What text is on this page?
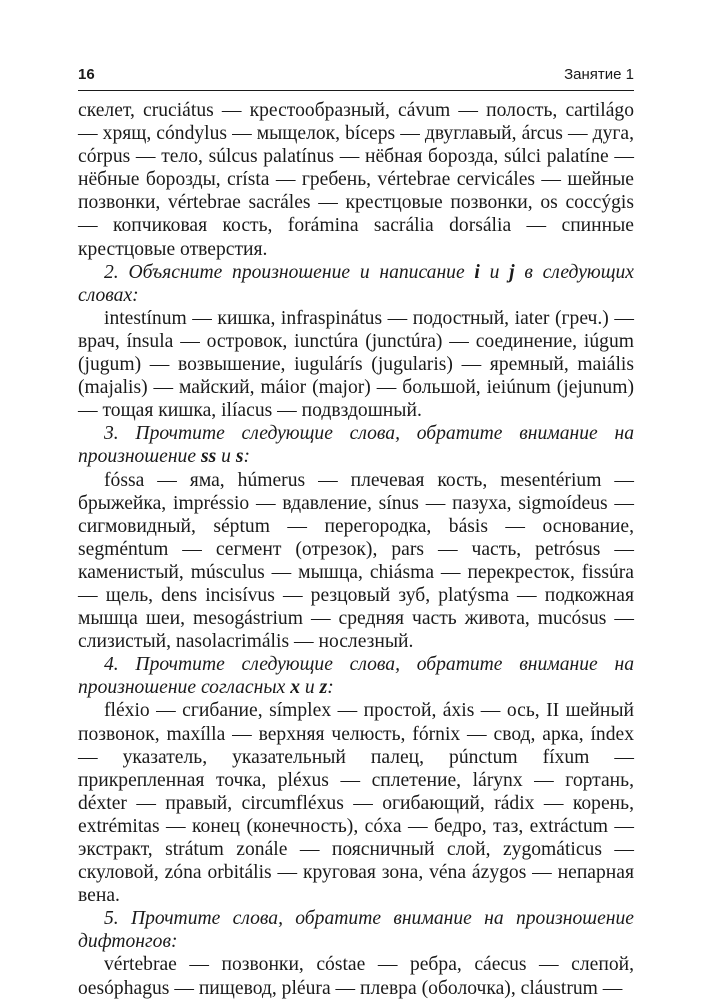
16	Занятие 1

скелет, cruciátus — крестообразный, cávum — полость, cartilágo — хрящ, cóndylus — мыщелок, bíceps — двуглавый, árcus — дуга, córpus — тело, súlcus palatínus — нёбная борозда, súlci palatíne — нёбные борозды, crísta — гребень, vértebrae cervicáles — шейные позвонки, vértebrae sacráles — крестцовые позвонки, os coccýgis — копчиковая кость, forámina sacrália dorsália — спинные крестцовые отверстия.

2. Объясните произношение и написание i и j в следующих словах:

intestínum — кишка, infraspinátus — подостный, iater (греч.) — врач, ínsula — островок, iunctúra (junctúra) — соединение, iúgum (jugum) — возвышение, iugulárís (jugularis) — яремный, maiális (majalis) — майский, máior (major) — большой, ieiúnum (jejunum) — тощая кишка, ilíacus — подвздошный.

3. Прочтите следующие слова, обратите внимание на произношение ss и s:

fóssa — яма, húmerus — плечевая кость, mesentérium — брыжейка, impréssio — вдавление, sínus — пазуха, sigmoídeus — сигмовидный, séptum — перегородка, básis — основание, segméntum — сегмент (отрезок), pars — часть, petrósus — каменистый, músculus — мышца, chiásma — перекресток, fissúra — щель, dens incisívus — резцовый зуб, platýsma — подкожная мышца шеи, mesogástrium — средняя часть живота, mucósus — слизистый, nasolacrimális — нослезный.

4. Прочтите следующие слова, обратите внимание на произношение согласных x и z:

fléxio — сгибание, símplex — простой, áxis — ось, II шейный позвонок, maxílla — верхняя челюсть, fórnix — свод, арка, índex — указатель, указательный палец, púnctum fíxum — прикрепленная точка, pléxus — сплетение, lárynx — гортань, déxter — правый, circumfléxus — огибающий, rádix — корень, extrémitas — конец (конечность), cóxa — бедро, таз, extráctum — экстракт, strátum zonále — поясничный слой, zygomáticus — скуловой, zóna orbitális — круговая зона, véna ázygos — непарная вена.

5. Прочтите слова, обратите внимание на произношение дифтонгов:

vértebrae — позвонки, cóstae — ребра, cáecus — слепой, oesóphagus — пищевод, pléura — плевра (оболочка), cláustrum —
